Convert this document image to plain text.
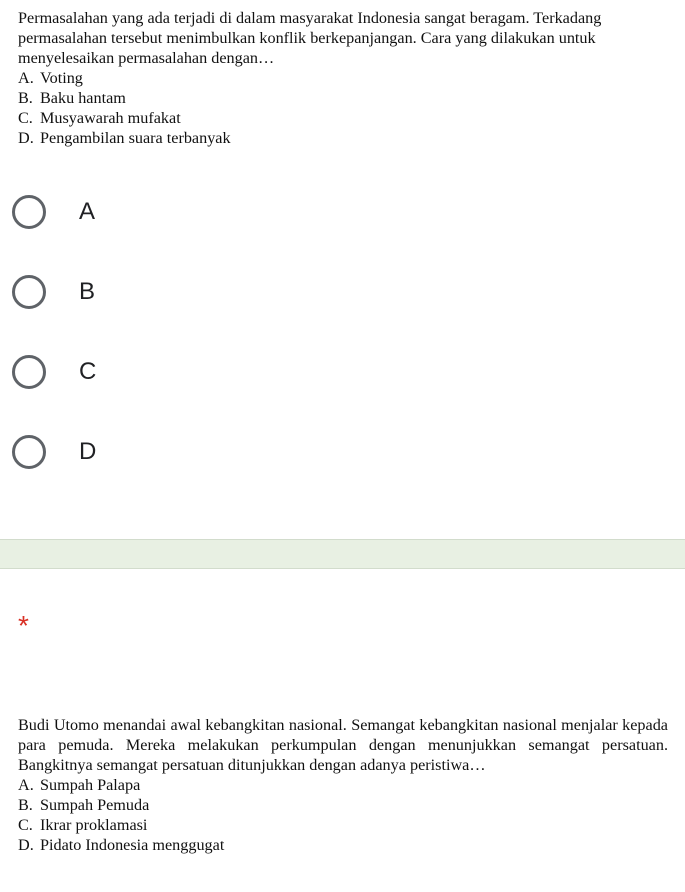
Permasalahan yang ada terjadi di dalam masyarakat Indonesia sangat beragam. Terkadang permasalahan tersebut menimbulkan konflik berkepanjangan. Cara yang dilakukan untuk menyelesaikan permasalahan dengan…

A. Voting

B. Baku hantam

C. Musyawarah mufakat

D. Pengambilan suara terbanyak

A
B
C
D
*

Budi Utomo menandai awal kebangkitan nasional. Semangat kebangkitan nasional menjalar kepada para pemuda. Mereka melakukan perkumpulan dengan menunjukkan semangat persatuan. Bangkitnya semangat persatuan ditunjukkan dengan adanya peristiwa…

A. Sumpah Palapa

B. Sumpah Pemuda

C. Ikrar proklamasi

D. Pidato Indonesia menggugat
